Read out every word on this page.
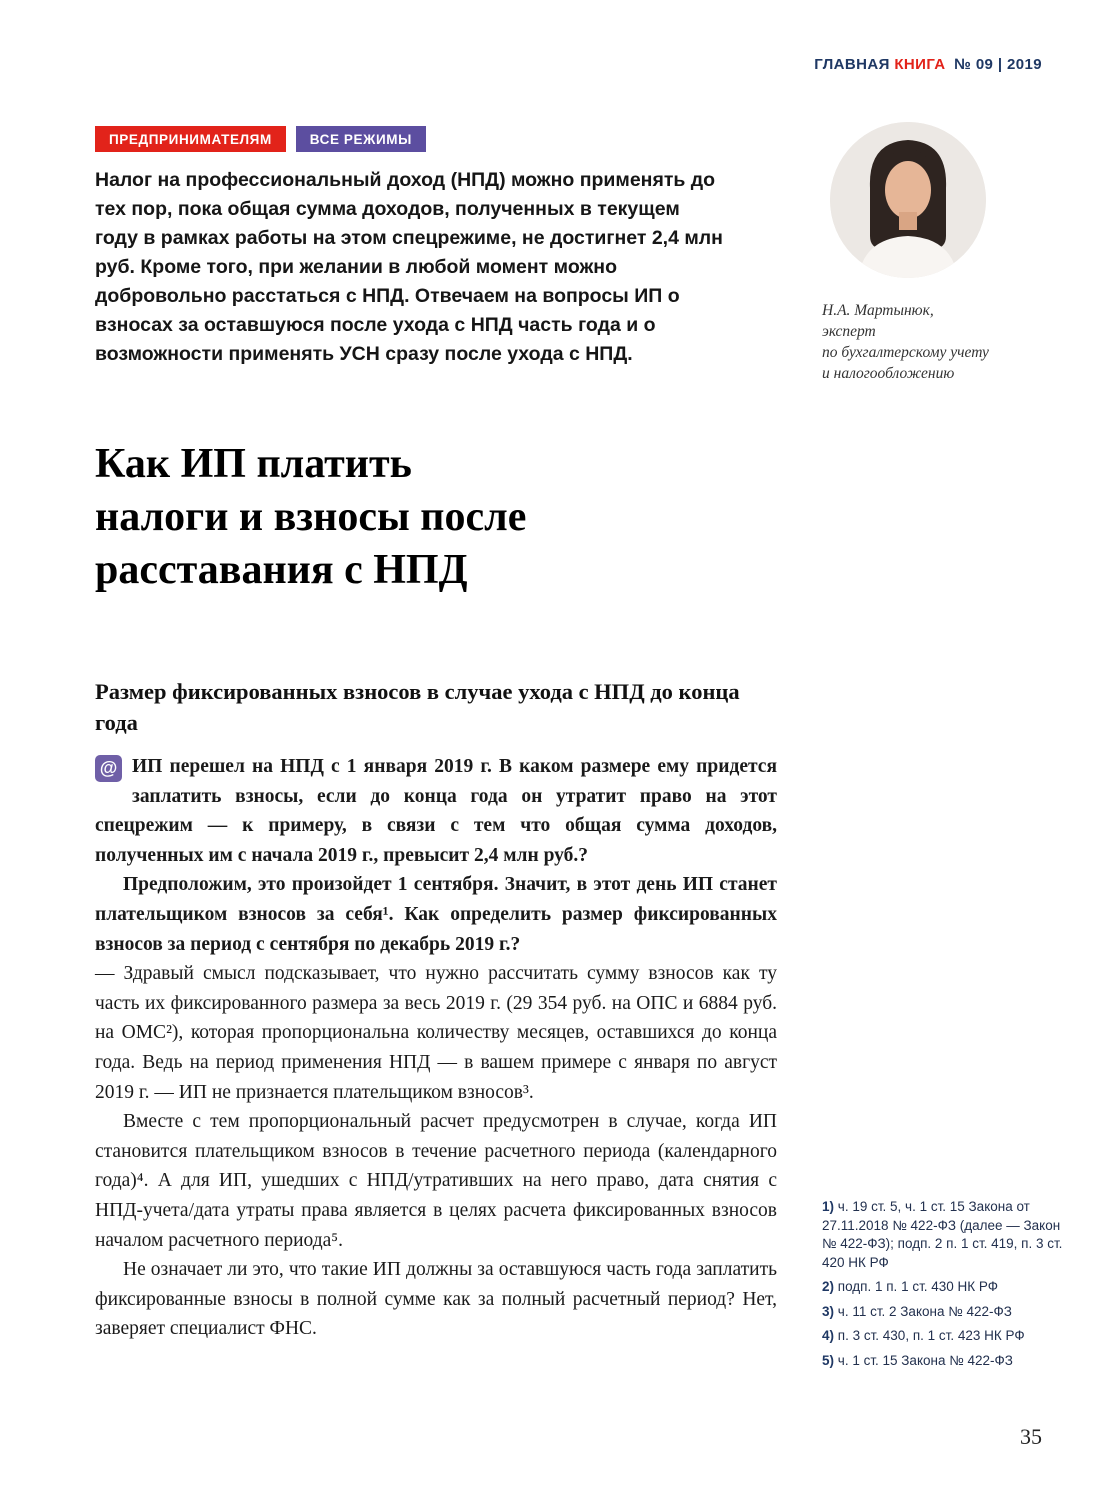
ГЛАВНАЯ КНИГА № 09 | 2019
ПРЕДПРИНИМАТЕЛЯМ	ВСЕ РЕЖИМЫ
Налог на профессиональный доход (НПД) можно применять до тех пор, пока общая сумма доходов, полученных в текущем году в рамках работы на этом спецрежиме, не достигнет 2,4 млн руб. Кроме того, при желании в любой момент можно добровольно расстаться с НПД. Отвечаем на вопросы ИП о взносах за оставшуюся после ухода с НПД часть года и о возможности применять УСН сразу после ухода с НПД.
Н.А. Мартынюк,
эксперт
по бухгалтерскому учету
и налогообложению
Как ИП платить
налоги и взносы после
расставания с НПД
Размер фиксированных взносов в случае ухода с НПД до конца года

@ ИП перешел на НПД с 1 января 2019 г. В каком размере ему придется заплатить взносы, если до конца года он утратит право на этот спецрежим — к примеру, в связи с тем что общая сумма доходов, полученных им с начала 2019 г., превысит 2,4 млн руб.?

Предположим, это произойдет 1 сентября. Значит, в этот день ИП станет плательщиком взносов за себя¹. Как определить размер фиксированных взносов за период с сентября по декабрь 2019 г.?

— Здравый смысл подсказывает, что нужно рассчитать сумму взносов как ту часть их фиксированного размера за весь 2019 г. (29 354 руб. на ОПС и 6884 руб. на ОМС²), которая пропорциональна количеству месяцев, оставшихся до конца года. Ведь на период применения НПД — в вашем примере с января по август 2019 г. — ИП не признается плательщиком взносов³.

Вместе с тем пропорциональный расчет предусмотрен в случае, когда ИП становится плательщиком взносов в течение расчетного периода (календарного года)⁴. А для ИП, ушедших с НПД/утративших на него право, дата снятия с НПД-учета/дата утраты права является в целях расчета фиксированных взносов началом расчетного периода⁵.

Не означает ли это, что такие ИП должны за оставшуюся часть года заплатить фиксированные взносы в полной сумме как за полный расчетный период? Нет, заверяет специалист ФНС.

1) ч. 19 ст. 5, ч. 1 ст. 15 Закона от 27.11.2018 № 422-ФЗ (далее — Закон № 422-ФЗ); подп. 2 п. 1 ст. 419, п. 3 ст. 420 НК РФ
2) подп. 1 п. 1 ст. 430 НК РФ
3) ч. 11 ст. 2 Закона № 422-ФЗ
4) п. 3 ст. 430, п. 1 ст. 423 НК РФ
5) ч. 1 ст. 15 Закона № 422-ФЗ
35
